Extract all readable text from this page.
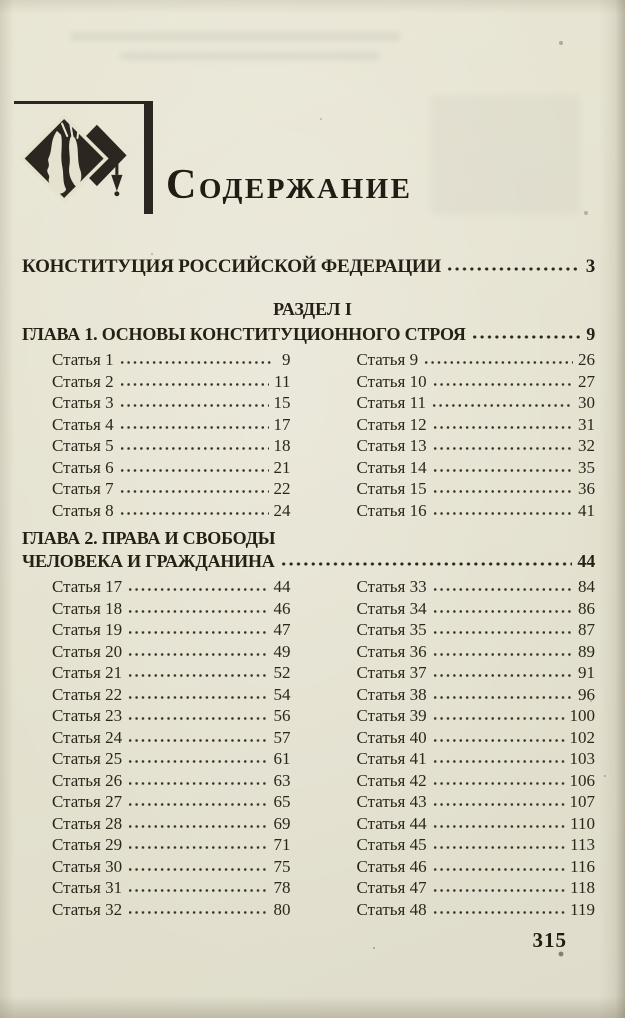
С ОДЕРЖАНИЕ
КОНСТИТУЦИЯ РОССИЙСКОЙ ФЕДЕРАЦИИ	3
РАЗДЕЛ I
ГЛАВА 1. ОСНОВЫ КОНСТИТУЦИОННОГО СТРОЯ	9
Статья 1	9
Статья 2	11
Статья 3	15
Статья 4	17
Статья 5	18
Статья 6	21
Статья 7	22
Статья 8	24
Статья 9	26
Статья 10	27
Статья 11	30
Статья 12	31
Статья 13	32
Статья 14	35
Статья 15	36
Статья 16	41
ГЛАВА 2. ПРАВА И СВОБОДЫ
ЧЕЛОВЕКА И ГРАЖДАНИНА	44
Статья 17	44
Статья 18	46
Статья 19	47
Статья 20	49
Статья 21	52
Статья 22	54
Статья 23	56
Статья 24	57
Статья 25	61
Статья 26	63
Статья 27	65
Статья 28	69
Статья 29	71
Статья 30	75
Статья 31	78
Статья 32	80
Статья 33	84
Статья 34	86
Статья 35	87
Статья 36	89
Статья 37	91
Статья 38	96
Статья 39	100
Статья 40	102
Статья 41	103
Статья 42	106
Статья 43	107
Статья 44	110
Статья 45	113
Статья 46	116
Статья 47	118
Статья 48	119
315
